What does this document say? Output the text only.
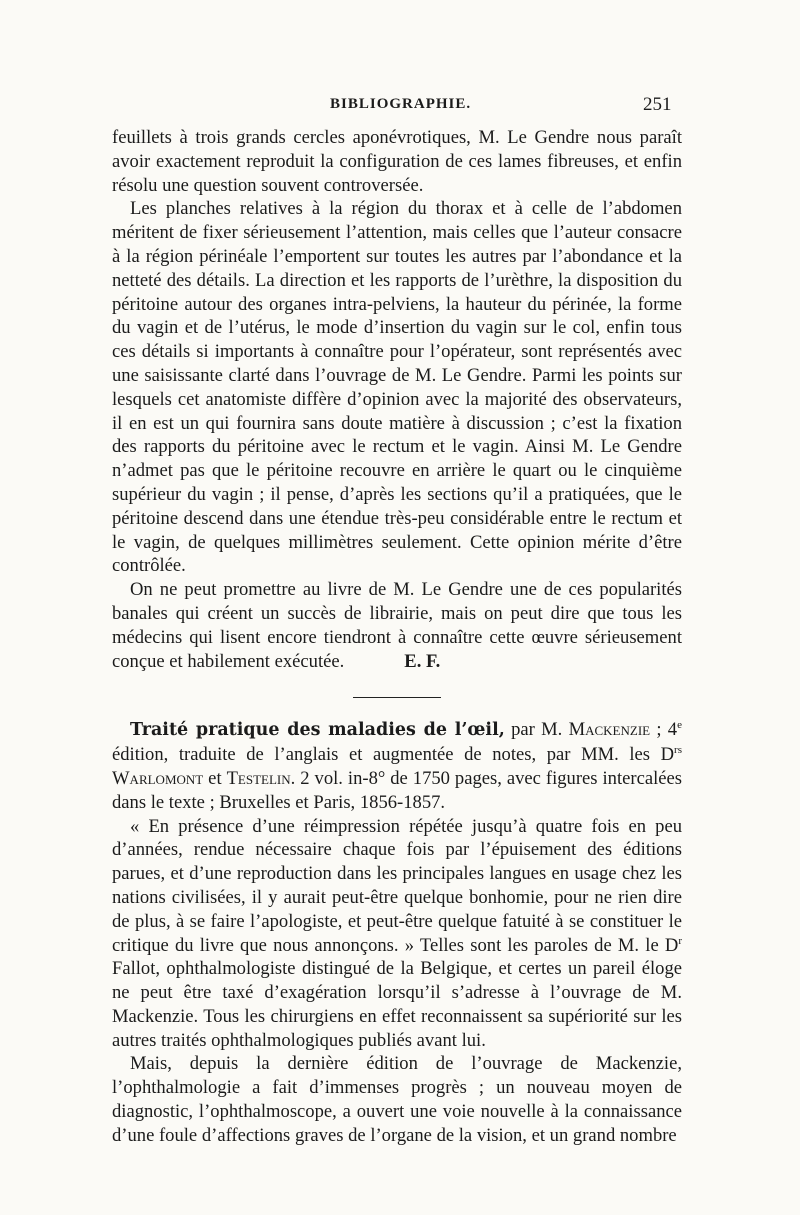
BIBLIOGRAPHIE.	251

feuillets à trois grands cercles aponévrotiques, M. Le Gendre nous paraît avoir exactement reproduit la configuration de ces lames fibreuses, et enfin résolu une question souvent controversée.

Les planches relatives à la région du thorax et à celle de l’abdomen méritent de fixer sérieusement l’attention, mais celles que l’auteur consacre à la région périnéale l’emportent sur toutes les autres par l’abondance et la netteté des détails. La direction et les rapports de l’urèthre, la disposition du péritoine autour des organes intra-pelviens, la hauteur du périnée, la forme du vagin et de l’utérus, le mode d’insertion du vagin sur le col, enfin tous ces détails si importants à connaître pour l’opérateur, sont représentés avec une saisissante clarté dans l’ouvrage de M. Le Gendre. Parmi les points sur lesquels cet anatomiste diffère d’opinion avec la majorité des observateurs, il en est un qui fournira sans doute matière à discussion ; c’est la fixation des rapports du péritoine avec le rectum et le vagin. Ainsi M. Le Gendre n’admet pas que le péritoine recouvre en arrière le quart ou le cinquième supérieur du vagin ; il pense, d’après les sections qu’il a pratiquées, que le péritoine descend dans une étendue très-peu considérable entre le rectum et le vagin, de quelques millimètres seulement. Cette opinion mérite d’être contrôlée.

On ne peut promettre au livre de M. Le Gendre une de ces popularités banales qui créent un succès de librairie, mais on peut dire que tous les médecins qui lisent encore tiendront à connaître cette œuvre sérieusement conçue et habilement exécutée.	E. F.

Traité pratique des maladies de l’œil, par M. Mackenzie ; 4e édition, traduite de l’anglais et augmentée de notes, par MM. les $D^{rs}$ Warlomont et Testelin. 2 vol. in-8° de 1750 pages, avec figures intercalées dans le texte ; Bruxelles et Paris, 1856-1857.

« En présence d’une réimpression répétée jusqu’à quatre fois en peu d’années, rendue nécessaire chaque fois par l’épuisement des éditions parues, et d’une reproduction dans les principales langues en usage chez les nations civilisées, il y aurait peut-être quelque bonhomie, pour ne rien dire de plus, à se faire l’apologiste, et peut-être quelque fatuité à se constituer le critique du livre que nous annonçons. » Telles sont les paroles de M. le $D^r$ Fallot, ophthalmologiste distingué de la Belgique, et certes un pareil éloge ne peut être taxé d’exagération lorsqu’il s’adresse à l’ouvrage de M. Mackenzie. Tous les chirurgiens en effet reconnaissent sa supériorité sur les autres traités ophthalmologiques publiés avant lui.

Mais, depuis la dernière édition de l’ouvrage de Mackenzie, l’ophthalmologie a fait d’immenses progrès ; un nouveau moyen de diagnostic, l’ophthalmoscope, a ouvert une voie nouvelle à la connaissance d’une foule d’affections graves de l’organe de la vision, et un grand nombre
